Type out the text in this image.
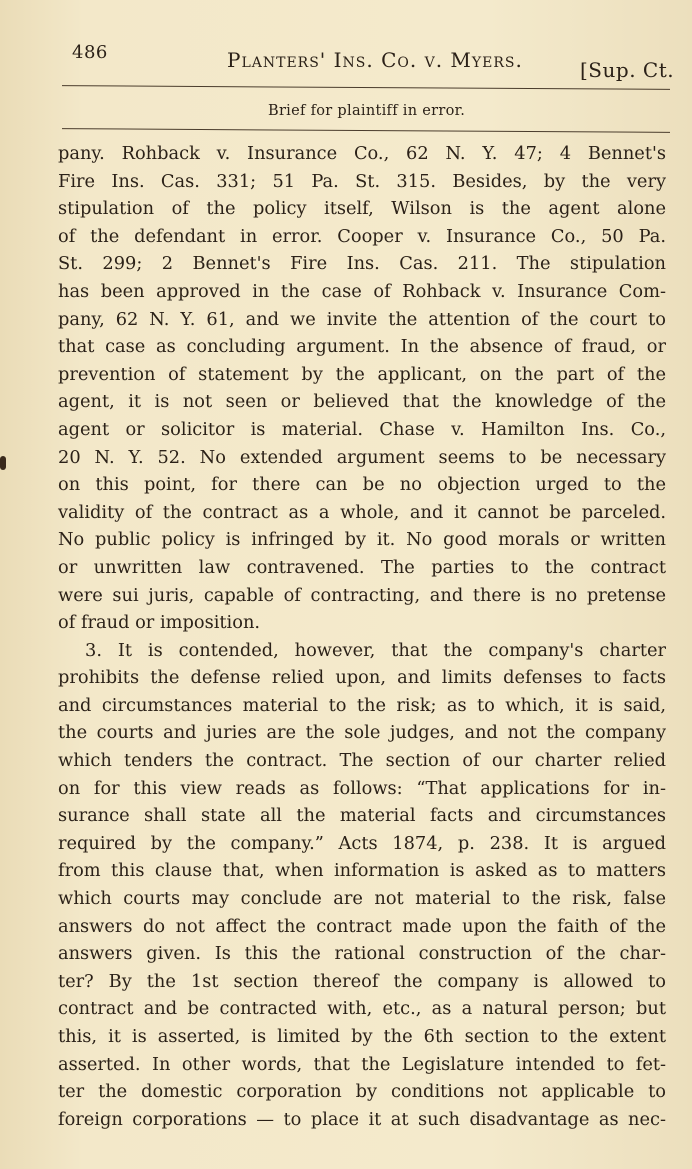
486	Planters' Ins. Co. v. Myers.	[Sup. Ct.
Brief for plaintiff in error.
pany. Rohback v. Insurance Co., 62 N. Y. 47; 4 Bennet's
Fire Ins. Cas. 331; 51 Pa. St. 315. Besides, by the very
stipulation of the policy itself, Wilson is the agent alone
of the defendant in error. Cooper v. Insurance Co., 50 Pa.
St. 299; 2 Bennet's Fire Ins. Cas. 211. The stipulation
has been approved in the case of Rohback v. Insurance Com-
pany, 62 N. Y. 61, and we invite the attention of the court to
that case as concluding argument. In the absence of fraud, or
prevention of statement by the applicant, on the part of the
agent, it is not seen or believed that the knowledge of the
agent or solicitor is material. Chase v. Hamilton Ins. Co.,
20 N. Y. 52. No extended argument seems to be necessary
on this point, for there can be no objection urged to the
validity of the contract as a whole, and it cannot be parceled.
No public policy is infringed by it. No good morals or written
or unwritten law contravened. The parties to the contract
were sui juris, capable of contracting, and there is no pretense
of fraud or imposition.
3. It is contended, however, that the company's charter
prohibits the defense relied upon, and limits defenses to facts
and circumstances material to the risk; as to which, it is said,
the courts and juries are the sole judges, and not the company
which tenders the contract. The section of our charter relied
on for this view reads as follows: “That applications for in-
surance shall state all the material facts and circumstances
required by the company.” Acts 1874, p. 238. It is argued
from this clause that, when information is asked as to matters
which courts may conclude are not material to the risk, false
answers do not affect the contract made upon the faith of the
answers given. Is this the rational construction of the char-
ter? By the 1st section thereof the company is allowed to
contract and be contracted with, etc., as a natural person; but
this, it is asserted, is limited by the 6th section to the extent
asserted. In other words, that the Legislature intended to fet-
ter the domestic corporation by conditions not applicable to
foreign corporations — to place it at such disadvantage as nec-
